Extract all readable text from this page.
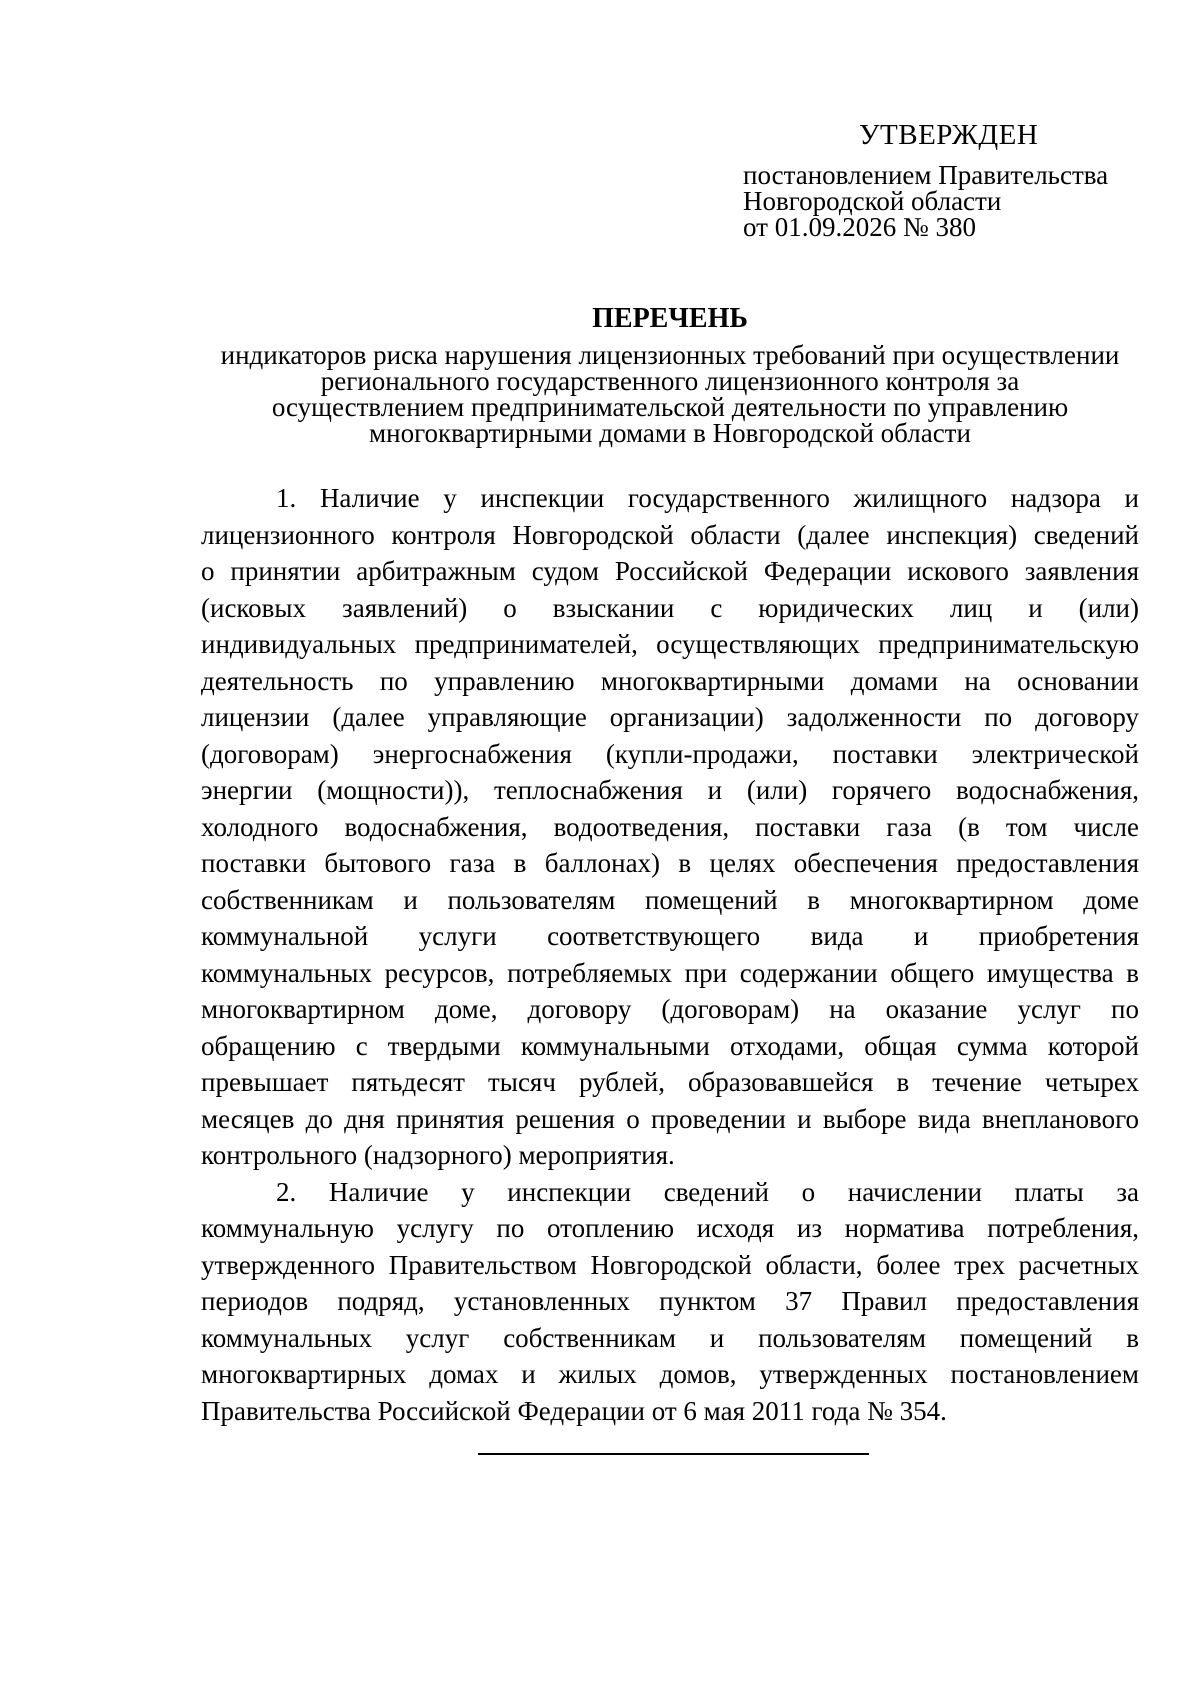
УТВЕРЖДЕН
постановлением Правительства
Новгородской области
от 01.09.2026 № 380
ПЕРЕЧЕНЬ
индикаторов риска нарушения лицензионных требований при осуществлении
регионального государственного лицензионного контроля за
осуществлением предпринимательской деятельности по управлению
многоквартирными домами в Новгородской области
1. Наличие у инспекции государственного жилищного надзора и
лицензионного контроля Новгородской области (далее инспекция) сведений
о принятии арбитражным судом Российской Федерации искового заявления
(исковых заявлений) о взыскании с юридических лиц и (или)
индивидуальных предпринимателей, осуществляющих предпринимательскую
деятельность по управлению многоквартирными домами на основании
лицензии (далее управляющие организации) задолженности по договору
(договорам) энергоснабжения (купли-продажи, поставки электрической
энергии (мощности)), теплоснабжения и (или) горячего водоснабжения,
холодного водоснабжения, водоотведения, поставки газа (в том числе
поставки бытового газа в баллонах) в целях обеспечения предоставления
собственникам и пользователям помещений в многоквартирном доме
коммунальной услуги соответствующего вида и приобретения
коммунальных ресурсов, потребляемых при содержании общего имущества в
многоквартирном доме, договору (договорам) на оказание услуг по
обращению с твердыми коммунальными отходами, общая сумма которой
превышает пятьдесят тысяч рублей, образовавшейся в течение четырех
месяцев до дня принятия решения о проведении и выборе вида внепланового
контрольного (надзорного) мероприятия.
2. Наличие у инспекции сведений о начислении платы за
коммунальную услугу по отоплению исходя из норматива потребления,
утвержденного Правительством Новгородской области, более трех расчетных
периодов подряд, установленных пунктом 37 Правил предоставления
коммунальных услуг собственникам и пользователям помещений в
многоквартирных домах и жилых домов, утвержденных постановлением
Правительства Российской Федерации от 6 мая 2011 года № 354.
